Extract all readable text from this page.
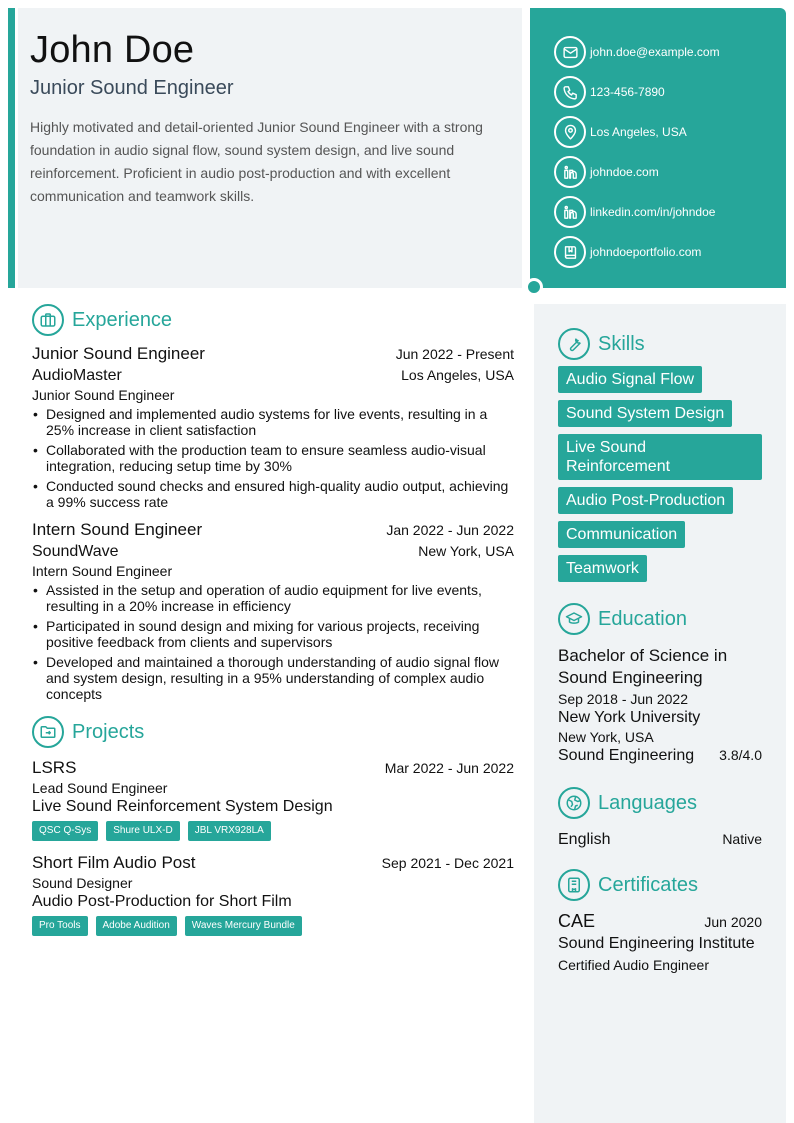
John Doe
Junior Sound Engineer
Highly motivated and detail-oriented Junior Sound Engineer with a strong foundation in audio signal flow, sound system design, and live sound reinforcement. Proficient in audio post-production and with excellent communication and teamwork skills.
john.doe@example.com
123-456-7890
Los Angeles, USA
johndoe.com
linkedin.com/in/johndoe
johndoeportfolio.com
Experience
Junior Sound Engineer	Jun 2022 - Present
AudioMaster	Los Angeles, USA
Junior Sound Engineer
• Designed and implemented audio systems for live events, resulting in a 25% increase in client satisfaction
• Collaborated with the production team to ensure seamless audio-visual integration, reducing setup time by 30%
• Conducted sound checks and ensured high-quality audio output, achieving a 99% success rate
Intern Sound Engineer	Jan 2022 - Jun 2022
SoundWave	New York, USA
Intern Sound Engineer
• Assisted in the setup and operation of audio equipment for live events, resulting in a 20% increase in efficiency
• Participated in sound design and mixing for various projects, receiving positive feedback from clients and supervisors
• Developed and maintained a thorough understanding of audio signal flow and system design, resulting in a 95% understanding of complex audio concepts
Projects
LSRS	Mar 2022 - Jun 2022
Lead Sound Engineer
Live Sound Reinforcement System Design
QSC Q-Sys	Shure ULX-D	JBL VRX928LA
Short Film Audio Post	Sep 2021 - Dec 2021
Sound Designer
Audio Post-Production for Short Film
Pro Tools	Adobe Audition	Waves Mercury Bundle
Skills
Audio Signal Flow
Sound System Design
Live Sound Reinforcement
Audio Post-Production
Communication
Teamwork
Education
Bachelor of Science in Sound Engineering
Sep 2018 - Jun 2022
New York University
New York, USA
Sound Engineering 3.8/4.0
Languages
English	Native
Certificates
CAE	Jun 2020
Sound Engineering Institute
Certified Audio Engineer
